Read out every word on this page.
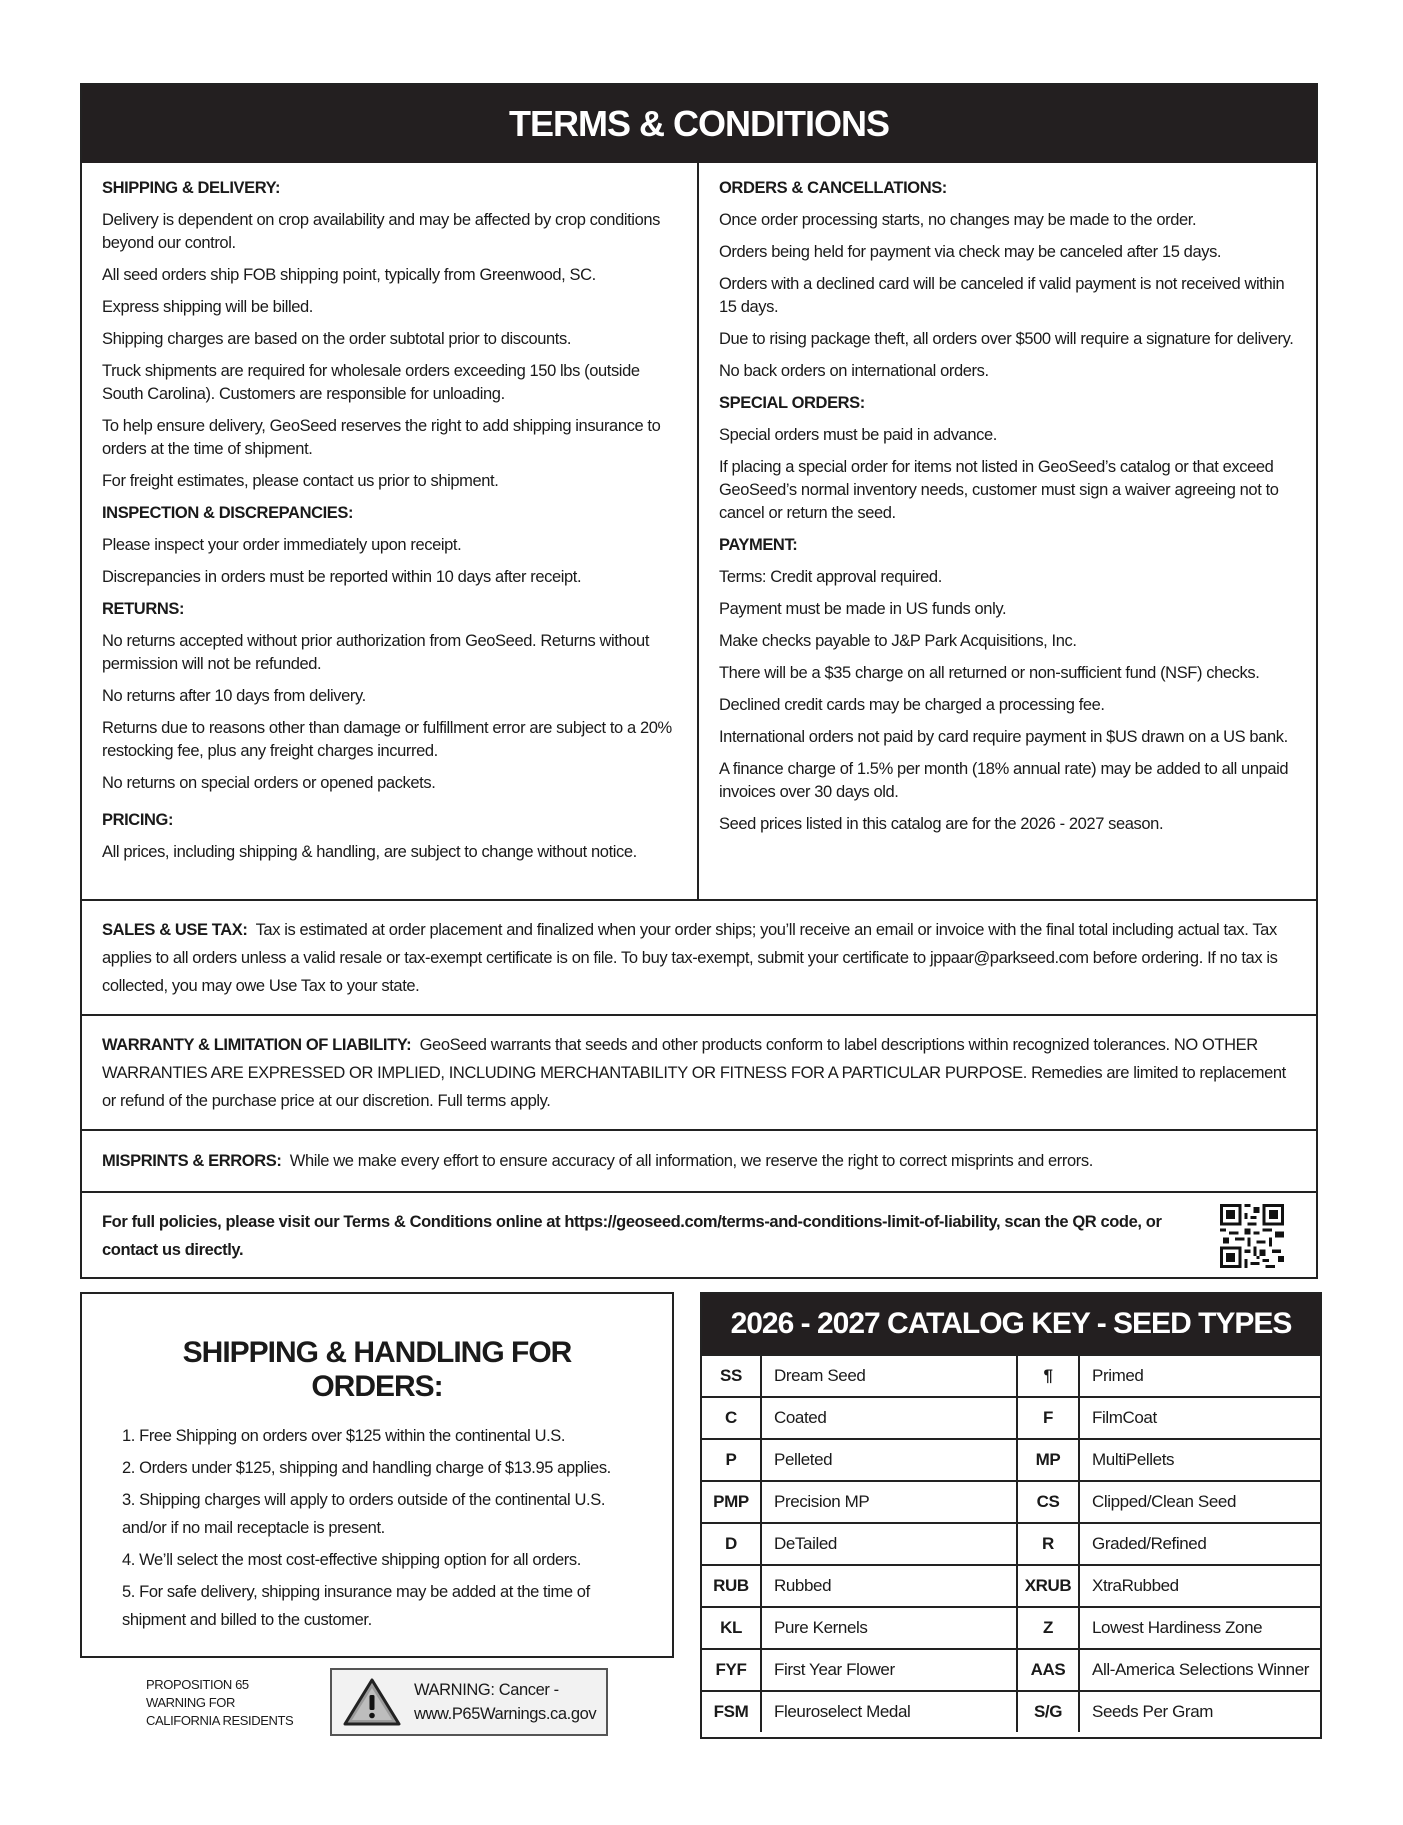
TERMS & CONDITIONS
SHIPPING & DELIVERY:
Delivery is dependent on crop availability and may be affected by crop conditions beyond our control.
All seed orders ship FOB shipping point, typically from Greenwood, SC.
Express shipping will be billed.
Shipping charges are based on the order subtotal prior to discounts.
Truck shipments are required for wholesale orders exceeding 150 lbs (outside South Carolina). Customers are responsible for unloading.
To help ensure delivery, GeoSeed reserves the right to add shipping insurance to orders at the time of shipment.
For freight estimates, please contact us prior to shipment.
INSPECTION & DISCREPANCIES:
Please inspect your order immediately upon receipt.
Discrepancies in orders must be reported within 10 days after receipt.
RETURNS:
No returns accepted without prior authorization from GeoSeed. Returns without permission will not be refunded.
No returns after 10 days from delivery.
Returns due to reasons other than damage or fulfillment error are subject to a 20% restocking fee, plus any freight charges incurred.
No returns on special orders or opened packets.
PRICING:
All prices, including shipping & handling, are subject to change without notice.
ORDERS & CANCELLATIONS:
Once order processing starts, no changes may be made to the order.
Orders being held for payment via check may be canceled after 15 days.
Orders with a declined card will be canceled if valid payment is not received within 15 days.
Due to rising package theft, all orders over $500 will require a signature for delivery.
No back orders on international orders.
SPECIAL ORDERS:
Special orders must be paid in advance.
If placing a special order for items not listed in GeoSeed’s catalog or that exceed GeoSeed’s normal inventory needs, customer must sign a waiver agreeing not to cancel or return the seed.
PAYMENT:
Terms: Credit approval required.
Payment must be made in US funds only.
Make checks payable to J&P Park Acquisitions, Inc.
There will be a $35 charge on all returned or non-sufficient fund (NSF) checks.
Declined credit cards may be charged a processing fee.
International orders not paid by card require payment in $US drawn on a US bank.
A finance charge of 1.5% per month (18% annual rate) may be added to all unpaid invoices over 30 days old.
Seed prices listed in this catalog are for the 2026 - 2027 season.
SALES & USE TAX: Tax is estimated at order placement and finalized when your order ships; you’ll receive an email or invoice with the final total including actual tax. Tax applies to all orders unless a valid resale or tax-exempt certificate is on file. To buy tax-exempt, submit your certificate to jppaar@parkseed.com before ordering. If no tax is collected, you may owe Use Tax to your state.
WARRANTY & LIMITATION OF LIABILITY: GeoSeed warrants that seeds and other products conform to label descriptions within recognized tolerances. NO OTHER WARRANTIES ARE EXPRESSED OR IMPLIED, INCLUDING MERCHANTABILITY OR FITNESS FOR A PARTICULAR PURPOSE. Remedies are limited to replacement or refund of the purchase price at our discretion. Full terms apply.
MISPRINTS & ERRORS: While we make every effort to ensure accuracy of all information, we reserve the right to correct misprints and errors.
For full policies, please visit our Terms & Conditions online at https://geoseed.com/terms-and-conditions-limit-of-liability, scan the QR code, or contact us directly.
SHIPPING & HANDLING FOR ORDERS:
1. Free Shipping on orders over $125 within the continental U.S.
2. Orders under $125, shipping and handling charge of $13.95 applies.
3. Shipping charges will apply to orders outside of the continental U.S. and/or if no mail receptacle is present.
4. We’ll select the most cost-effective shipping option for all orders.
5. For safe delivery, shipping insurance may be added at the time of shipment and billed to the customer.
PROPOSITION 65 WARNING FOR CALIFORNIA RESIDENTS
WARNING: Cancer -
www.P65Warnings.ca.gov
2026 - 2027 CATALOG KEY - SEED TYPES
SS	Dream Seed	¶	Primed
C	Coated	F	FilmCoat
P	Pelleted	MP	MultiPellets
PMP	Precision MP	CS	Clipped/Clean Seed
D	DeTailed	R	Graded/Refined
RUB	Rubbed	XRUB	XtraRubbed
KL	Pure Kernels	Z	Lowest Hardiness Zone
FYF	First Year Flower	AAS	All-America Selections Winner
FSM	Fleuroselect Medal	S/G	Seeds Per Gram
